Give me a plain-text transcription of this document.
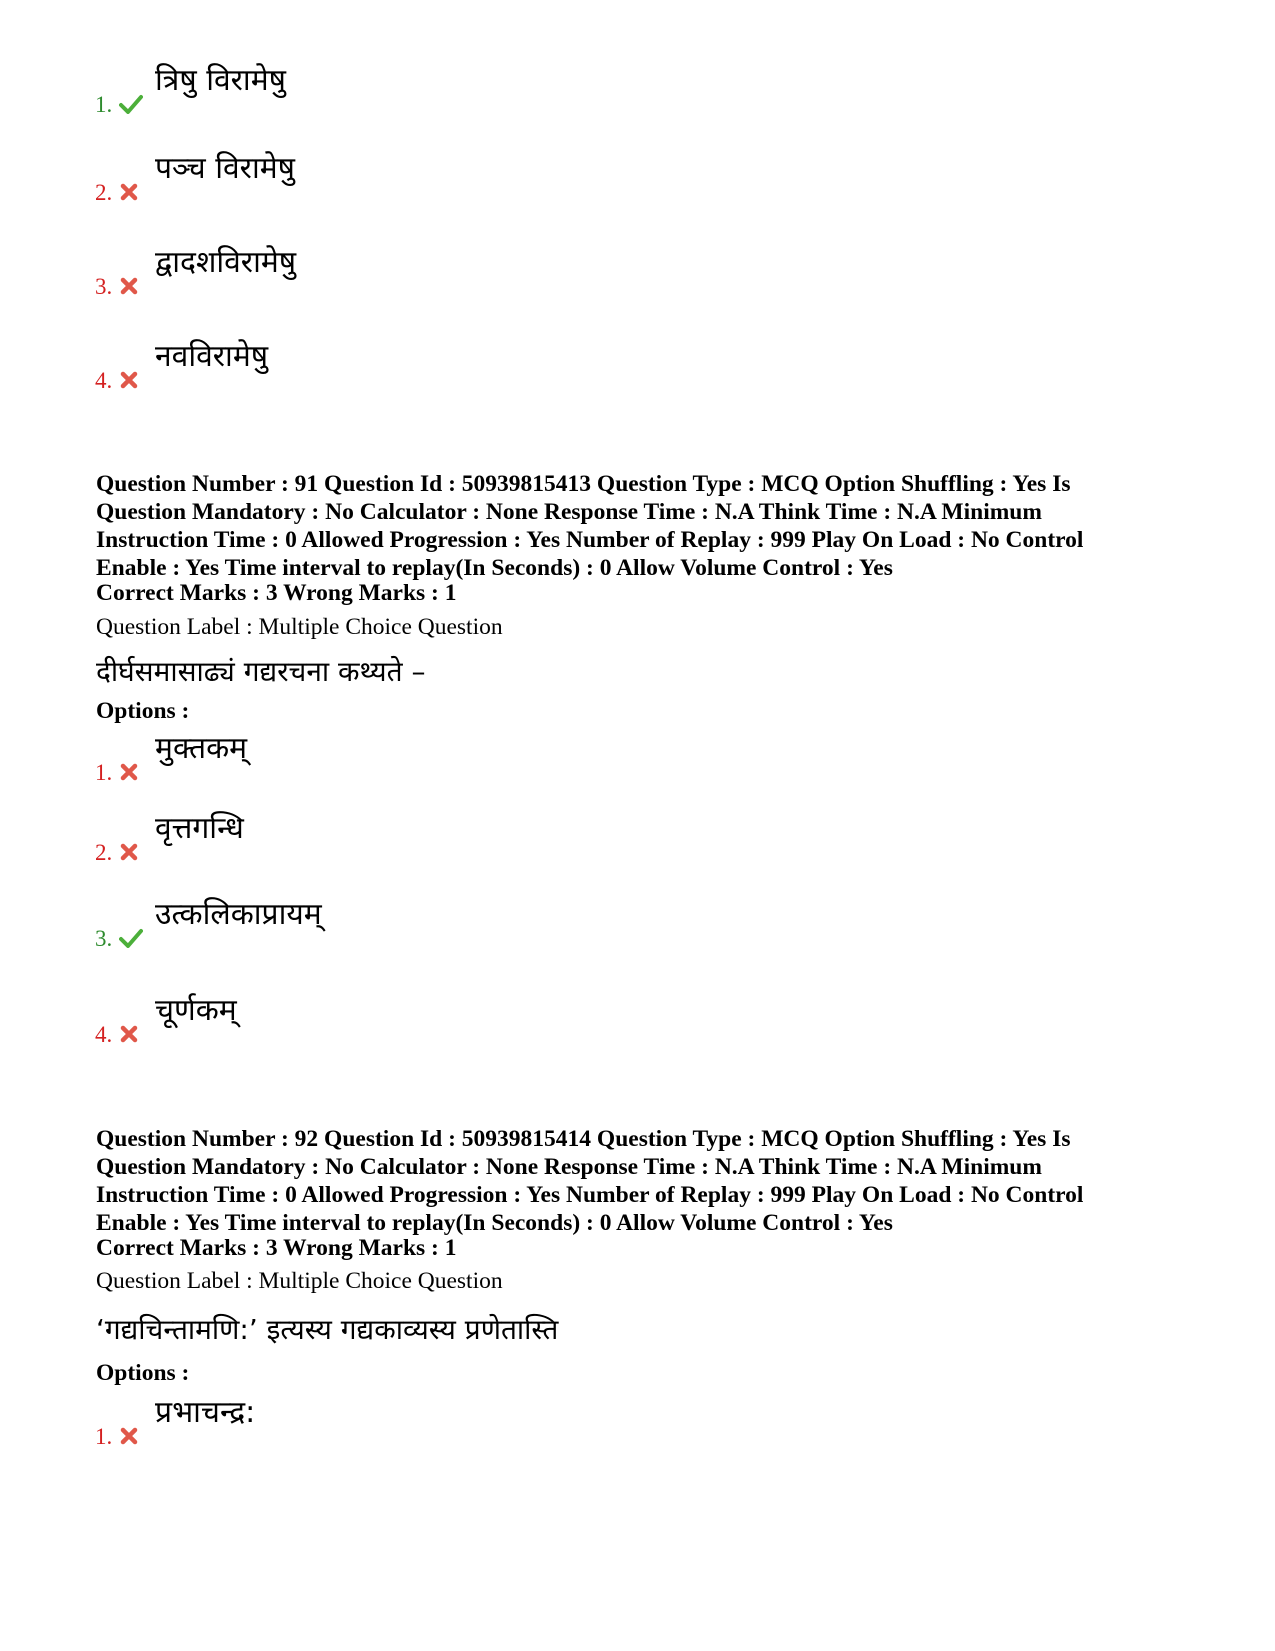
1.
त्रिषु विरामेषु
2.
पञ्च विरामेषु
3.
द्वादशविरामेषु
4.
नवविरामेषु
Question Number : 91 Question Id : 50939815413 Question Type : MCQ Option Shuffling : Yes Is
Question Mandatory : No Calculator : None Response Time : N.A Think Time : N.A Minimum
Instruction Time : 0 Allowed Progression : Yes Number of Replay : 999 Play On Load : No Control
Enable : Yes Time interval to replay(In Seconds) : 0 Allow Volume Control : Yes
Correct Marks : 3 Wrong Marks : 1
Question Label : Multiple Choice Question
दीर्घसमासाढ्यं गद्यरचना कथ्यते –
Options :
1.
मुक्तकम्
2.
वृत्तगन्धि
3.
उत्कलिकाप्रायम्
4.
चूर्णकम्
Question Number : 92 Question Id : 50939815414 Question Type : MCQ Option Shuffling : Yes Is
Question Mandatory : No Calculator : None Response Time : N.A Think Time : N.A Minimum
Instruction Time : 0 Allowed Progression : Yes Number of Replay : 999 Play On Load : No Control
Enable : Yes Time interval to replay(In Seconds) : 0 Allow Volume Control : Yes
Correct Marks : 3 Wrong Marks : 1
Question Label : Multiple Choice Question
‘गद्यचिन्तामणि:’ इत्यस्य गद्यकाव्यस्य प्रणेतास्ति
Options :
1.
प्रभाचन्द्र:
